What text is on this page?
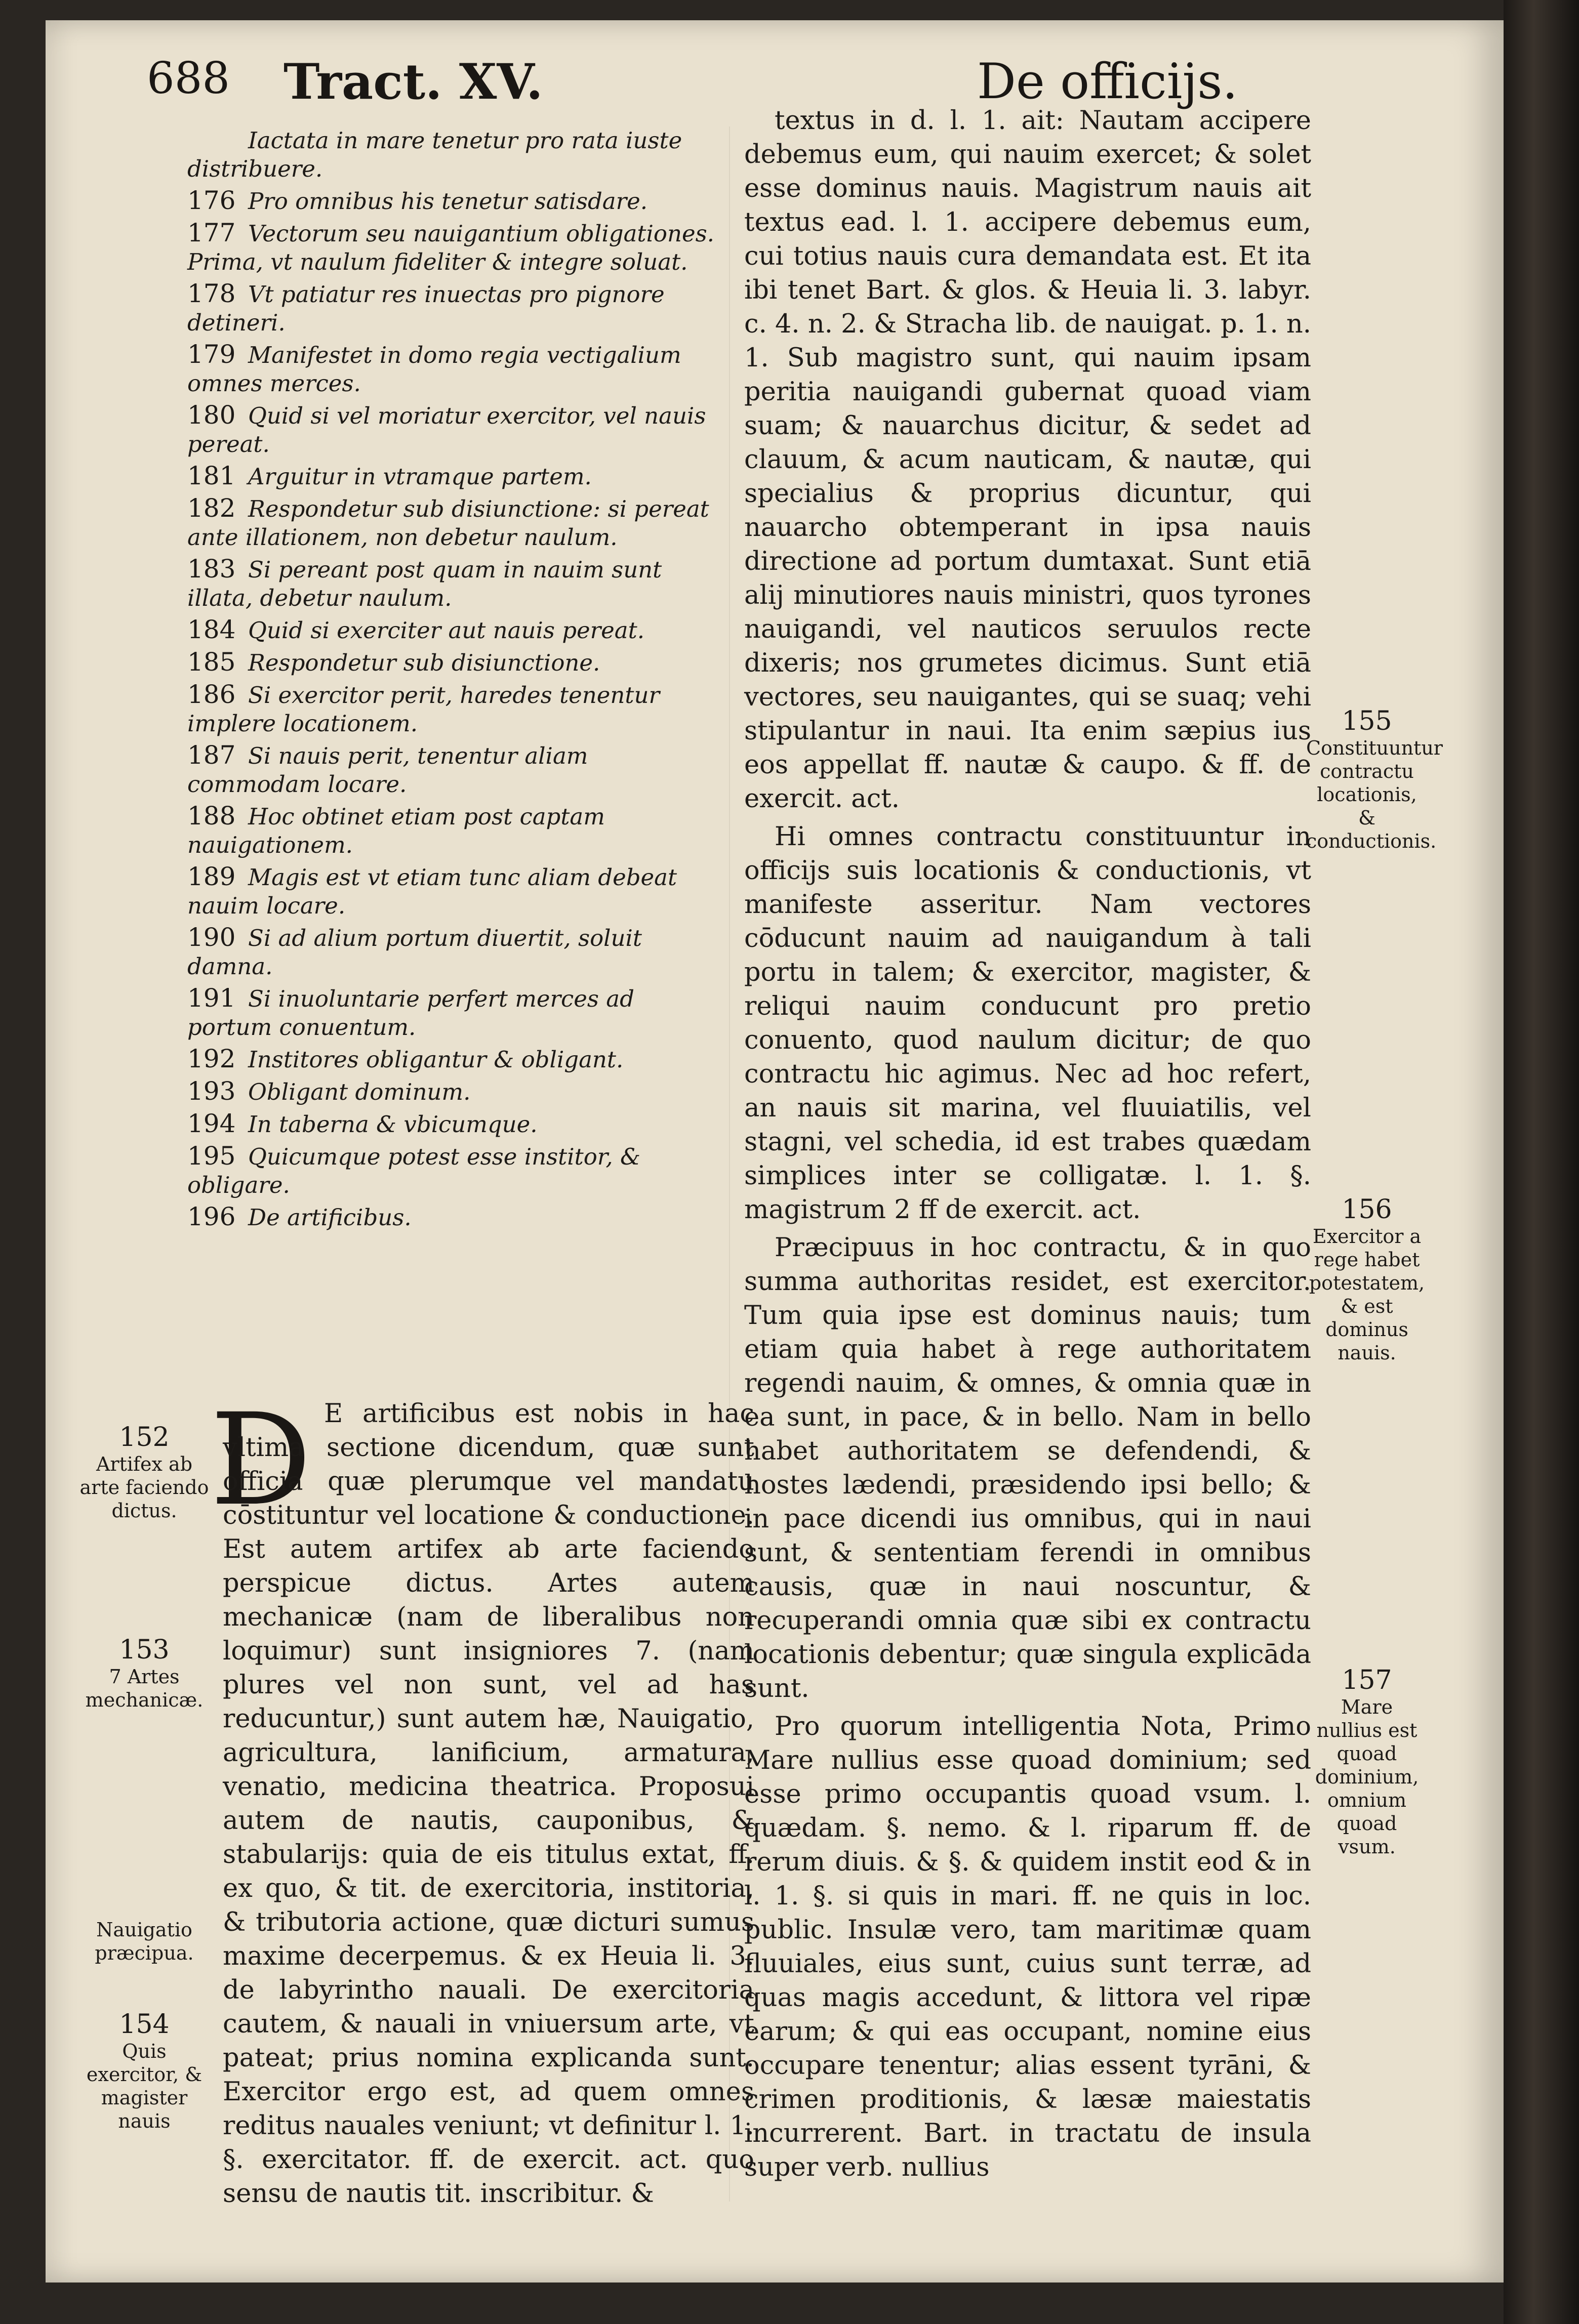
688 Tract. XV.	De officijs.
Iactata in mare tenetur pro rata iuste distribuere.
176 Pro omnibus his tenetur satisdare.
177 Vectorum seu nauigantium obligationes. Prima, vt naulum fideliter & integre soluat.
178 Vt patiatur res inuectas pro pignore detineri.
179 Manifestet in domo regia vectigalium omnes merces.
180 Quid si vel moriatur exercitor, vel nauis pereat.
181 Arguitur in vtramque partem.
182 Respondetur sub disiunctione: si pereat ante illationem, non debetur naulum.
183 Si pereant post quam in nauim sunt illata, debetur naulum.
184 Quid si exerciter aut nauis pereat.
185 Respondetur sub disiunctione.
186 Si exercitor perit, haredes tenentur implere locationem.
187 Si nauis perit, tenentur aliam commodam locare.
188 Hoc obtinet etiam post captam nauigationem.
189 Magis est vt etiam tunc aliam debeat nauim locare.
190 Si ad alium portum diuertit, soluit damna.
191 Si inuoluntarie perfert merces ad portum conuentum.
192 Institores obligantur & obligant.
193 Obligant dominum.
194 In taberna & vbicumque.
195 Quicumque potest esse institor, & obligare.
196 De artificibus.
D E artificibus est nobis in hac vltima sectione dicendum, quæ sunt officia quæ plerumque vel mandatu cōstituntur vel locatione & conductione. Est autem artifex ab arte faciendo perspicue dictus. Artes autem mechanicæ (nam de liberalibus non loquimur) sunt insigniores 7. (nam plures vel non sunt, vel ad has reducuntur,) sunt autem hæ, Nauigatio, agricultura, lanificium, armatura, venatio, medicina theatrica. Proposui autem de nautis, cauponibus, & stabularijs: quia de eis titulus extat, ff. ex quo, & tit. de exercitoria, institoria, & tributoria actione, quæ dicturi sumus maxime decerpemus. & ex Heuia li. 3. de labyrintho nauali. De exercitoria cautem, & nauali in vniuersum arte, vt pateat; prius nomina explicanda sunt. Exercitor ergo est, ad quem omnes reditus nauales veniunt; vt definitur l. 1. §. exercitator. ff. de exercit. act. quo sensu de nautis tit. inscribitur. &

textus in d. l. 1. ait: Nautam accipere debemus eum, qui nauim exercet; & solet esse dominus nauis. Magistrum nauis ait textus ead. l. 1. accipere debemus eum, cui totius nauis cura demandata est. Et ita ibi tenet Bart. & glos. & Heuia li. 3. labyr. c. 4. n. 2. & Stracha lib. de nauigat. p. 1. n. 1. Sub magistro sunt, qui nauim ipsam peritia nauigandi gubernat quoad viam suam; & nauarchus dicitur, & sedet ad clauum, & acum nauticam, & nautæ, qui specialius & proprius dicuntur, qui nauarcho obtemperant in ipsa nauis directione ad portum dumtaxat. Sunt etiā alij minutiores nauis ministri, quos tyrones nauigandi, vel nauticos seruulos recte dixeris; nos grumetes dicimus. Sunt etiā vectores, seu nauigantes, qui se suaq; vehi stipulantur in naui. Ita enim sæpius ius eos appellat ff. nautæ & caupo. & ff. de exercit. act.

Hi omnes contractu constituuntur in officijs suis locationis & conductionis, vt manifeste asseritur. Nam vectores cōducunt nauim ad nauigandum à tali portu in talem; & exercitor, magister, & reliqui nauim conducunt pro pretio conuento, quod naulum dicitur; de quo contractu hic agimus. Nec ad hoc refert, an nauis sit marina, vel fluuiatilis, vel stagni, vel schedia, id est trabes quædam simplices inter se colligatæ. l. 1. §. magistrum 2 ff de exercit. act.

Præcipuus in hoc contractu, & in quo summa authoritas residet, est exercitor. Tum quia ipse est dominus nauis; tum etiam quia habet à rege authoritatem regendi nauim, & omnes, & omnia quæ in ea sunt, in pace, & in bello. Nam in bello habet authoritatem se defendendi, & hostes lædendi, præsidendo ipsi bello; & in pace dicendi ius omnibus, qui in naui sunt, & sententiam ferendi in omnibus causis, quæ in naui noscuntur, & recuperandi omnia quæ sibi ex contractu locationis debentur; quæ singula explicāda sunt.

Pro quorum intelligentia Nota, Primo Mare nullius esse quoad dominium; sed esse primo occupantis quoad vsum. l. quædam. §. nemo. & l. riparum ff. de rerum diuis. & §. & quidem instit eod & in l. 1. §. si quis in mari. ff. ne quis in loc. public. Insulæ vero, tam maritimæ quam fluuiales, eius sunt, cuius sunt terræ, ad quas magis accedunt, & littora vel ripæ earum; & qui eas occupant, nomine eius occupare tenentur; alias essent tyrāni, & crimen proditionis, & læsæ maiestatis incurrerent. Bart. in tractatu de insula super verb. nullius

152
Artifex ab arte faciendo dictus.
153
7 Artes mechanicæ.
Nauigatio præcipua.
154
Quis exercitor, & magister nauis
155
Constituuntur contractu locationis, & conductionis.
156
Exercitor a rege habet potestatem, & est dominus nauis.
157
Mare nullius est quoad dominium, omnium quoad vsum.
